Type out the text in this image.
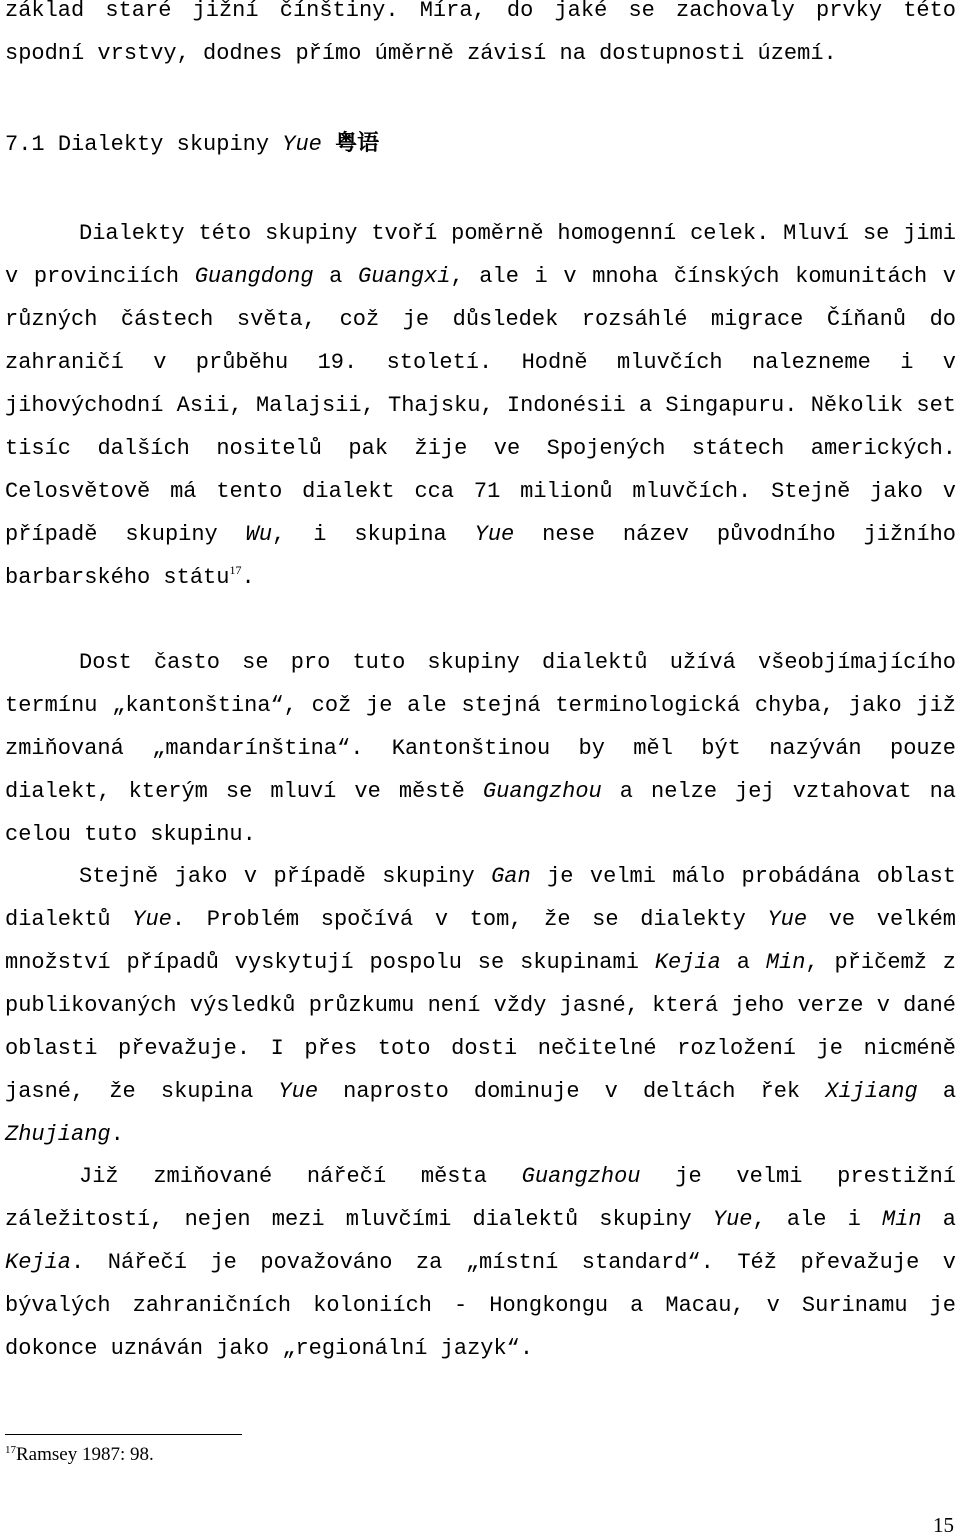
základ staré jižní čínštiny. Míra, do jaké se zachovaly prvky této spodní vrstvy, dodnes přímo úměrně závisí na dostupnosti území.

7.1 Dialekty skupiny Yue 粤语

Dialekty této skupiny tvoří poměrně homogenní celek. Mluví se jimi v provinciích Guangdong a Guangxi, ale i v mnoha čínských komunitách v různých částech světa, což je důsledek rozsáhlé migrace Číňanů do zahraničí v průběhu 19. století. Hodně mluvčích nalezneme i v jihovýchodní Asii, Malajsii, Thajsku, Indonésii a Singapuru. Několik set tisíc dalších nositelů pak žije ve Spojených státech amerických. Celosvětově má tento dialekt cca 71 milionů mluvčích. Stejně jako v případě skupiny Wu, i skupina Yue nese název původního jižního barbarského státu$^{17}$.

Dost často se pro tuto skupiny dialektů užívá všeobjímajícího termínu „kantonština“, což je ale stejná terminologická chyba, jako již zmiňovaná „mandarínština“. Kantonštinou by měl být nazýván pouze dialekt, kterým se mluví ve městě Guangzhou a nelze jej vztahovat na celou tuto skupinu.

Stejně jako v případě skupiny Gan je velmi málo probádána oblast dialektů Yue. Problém spočívá v tom, že se dialekty Yue ve velkém množství případů vyskytují pospolu se skupinami Kejia a Min, přičemž z publikovaných výsledků průzkumu není vždy jasné, která jeho verze v dané oblasti převažuje. I přes toto dosti nečitelné rozložení je nicméně jasné, že skupina Yue naprosto dominuje v deltách řek Xijiang a Zhujiang.

Již zmiňované nářečí města Guangzhou je velmi prestižní záležitostí, nejen mezi mluvčími dialektů skupiny Yue, ale i Min a Kejia. Nářečí je považováno za „místní standard“. Též převažuje v bývalých zahraničních koloniích - Hongkongu a Macau, v Surinamu je dokonce uznáván jako „regionální jazyk“.

$^{17}$Ramsey 1987: 98.

15
